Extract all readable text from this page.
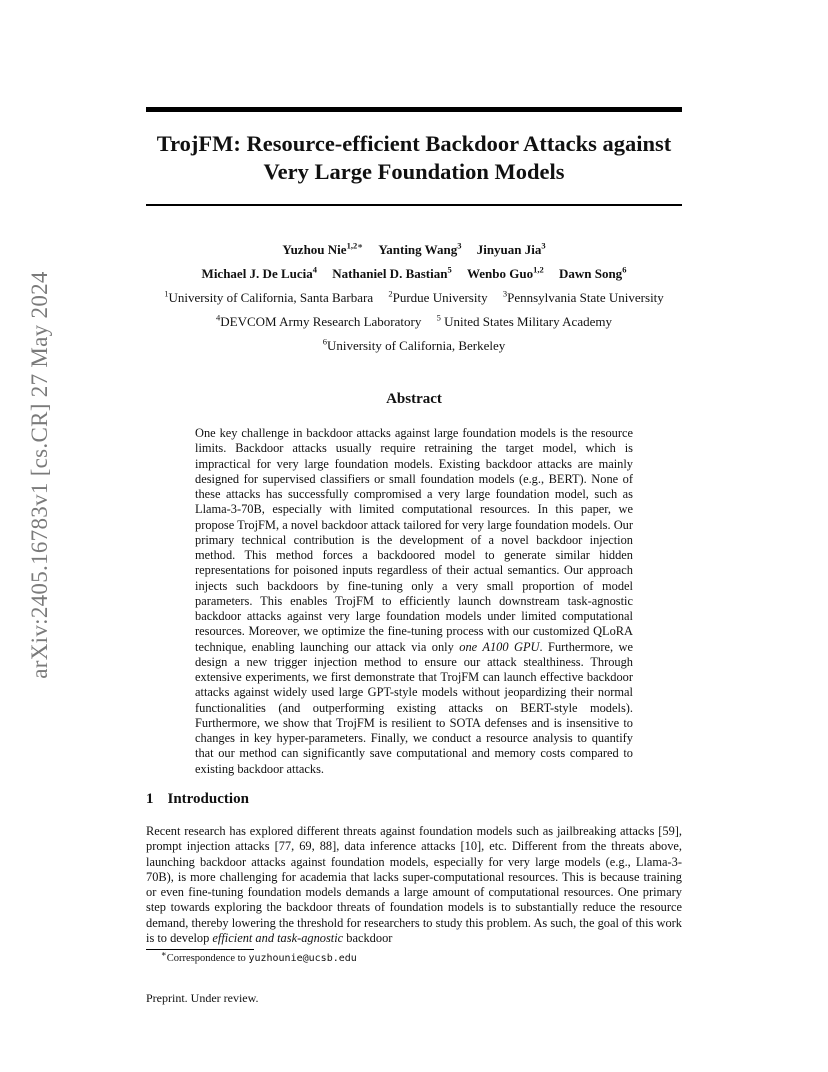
arXiv:2405.16783v1 [cs.CR] 27 May 2024
TrojFM: Resource-efficient Backdoor Attacks against
Very Large Foundation Models
Yuzhou Nie$^{1,2∗}$ Yanting Wang$^3$ Jinyuan Jia$^3$
Michael J. De Lucia$^4$ Nathaniel D. Bastian$^5$ Wenbo Guo$^{1,2}$ Dawn Song$^6$
$^1$University of California, Santa Barbara $^2$Purdue University $^3$Pennsylvania State University
$^4$DEVCOM Army Research Laboratory $^5$ United States Military Academy
$^6$University of California, Berkeley
Abstract
One key challenge in backdoor attacks against large foundation models is the resource limits. Backdoor attacks usually require retraining the target model, which is impractical for very large foundation models. Existing backdoor attacks are mainly designed for supervised classifiers or small foundation models (e.g., BERT). None of these attacks has successfully compromised a very large foundation model, such as Llama-3-70B, especially with limited computational resources. In this paper, we propose TrojFM, a novel backdoor attack tailored for very large foundation models. Our primary technical contribution is the development of a novel backdoor injection method. This method forces a backdoored model to generate similar hidden representations for poisoned inputs regardless of their actual semantics. Our approach injects such backdoors by fine-tuning only a very small proportion of model parameters. This enables TrojFM to efficiently launch downstream task-agnostic backdoor attacks against very large foundation models under limited computational resources. Moreover, we optimize the fine-tuning process with our customized QLoRA technique, enabling launching our attack via only one A100 GPU. Furthermore, we design a new trigger injection method to ensure our attack stealthiness. Through extensive experiments, we first demonstrate that TrojFM can launch effective backdoor attacks against widely used large GPT-style models without jeopardizing their normal functionalities (and outperforming existing attacks on BERT-style models). Furthermore, we show that TrojFM is resilient to SOTA defenses and is insensitive to changes in key hyper-parameters. Finally, we conduct a resource analysis to quantify that our method can significantly save computational and memory costs compared to existing backdoor attacks.
1 Introduction
Recent research has explored different threats against foundation models such as jailbreaking attacks [59], prompt injection attacks [77, 69, 88], data inference attacks [10], etc. Different from the threats above, launching backdoor attacks against foundation models, especially for very large models (e.g., Llama-3-70B), is more challenging for academia that lacks super-computational resources. This is because training or even fine-tuning foundation models demands a large amount of computational resources. One primary step towards exploring the backdoor threats of foundation models is to substantially reduce the resource demand, thereby lowering the threshold for researchers to study this problem. As such, the goal of this work is to develop efficient and task-agnostic backdoor
∗Correspondence to yuzhounie@ucsb.edu
Preprint. Under review.
